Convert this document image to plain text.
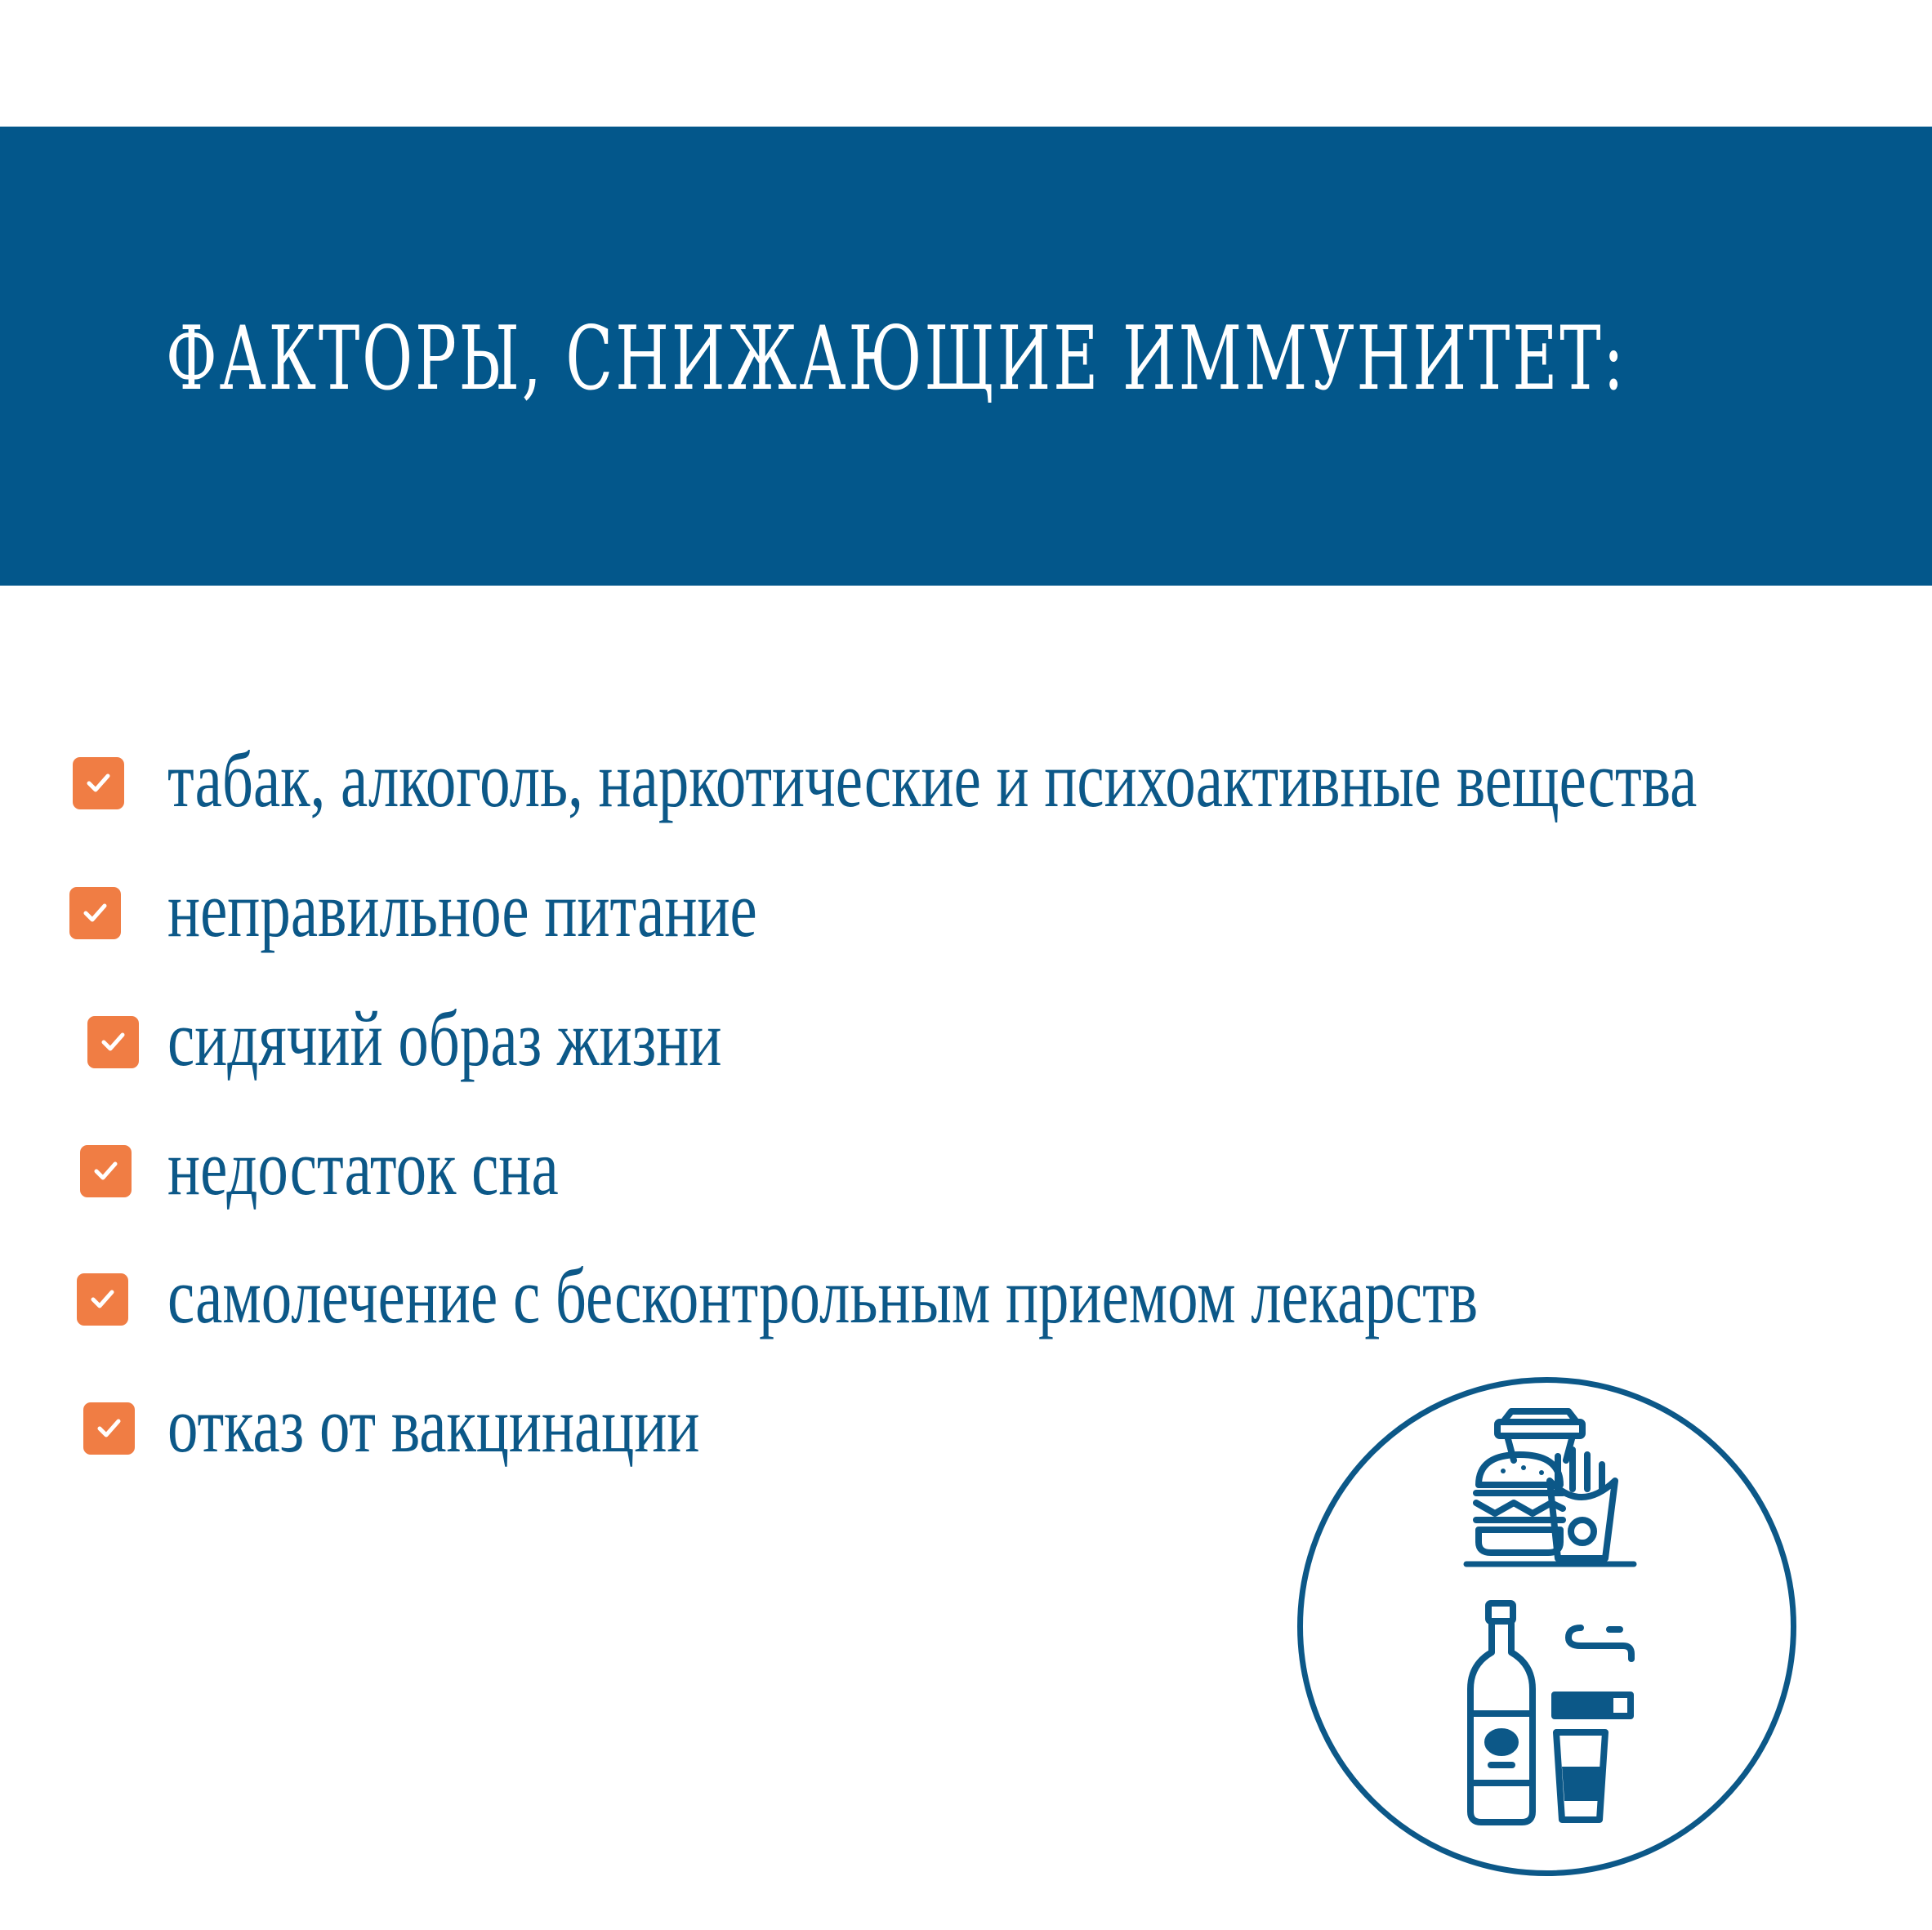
ФАКТОРЫ, СНИЖАЮЩИЕ ИММУНИТЕТ:
табак, алкоголь, наркотические и психоактивные вещества
неправильное питание
сидячий образ жизни
недостаток сна
самолечение с бесконтрольным приемом лекарств
отказ от вакцинации
